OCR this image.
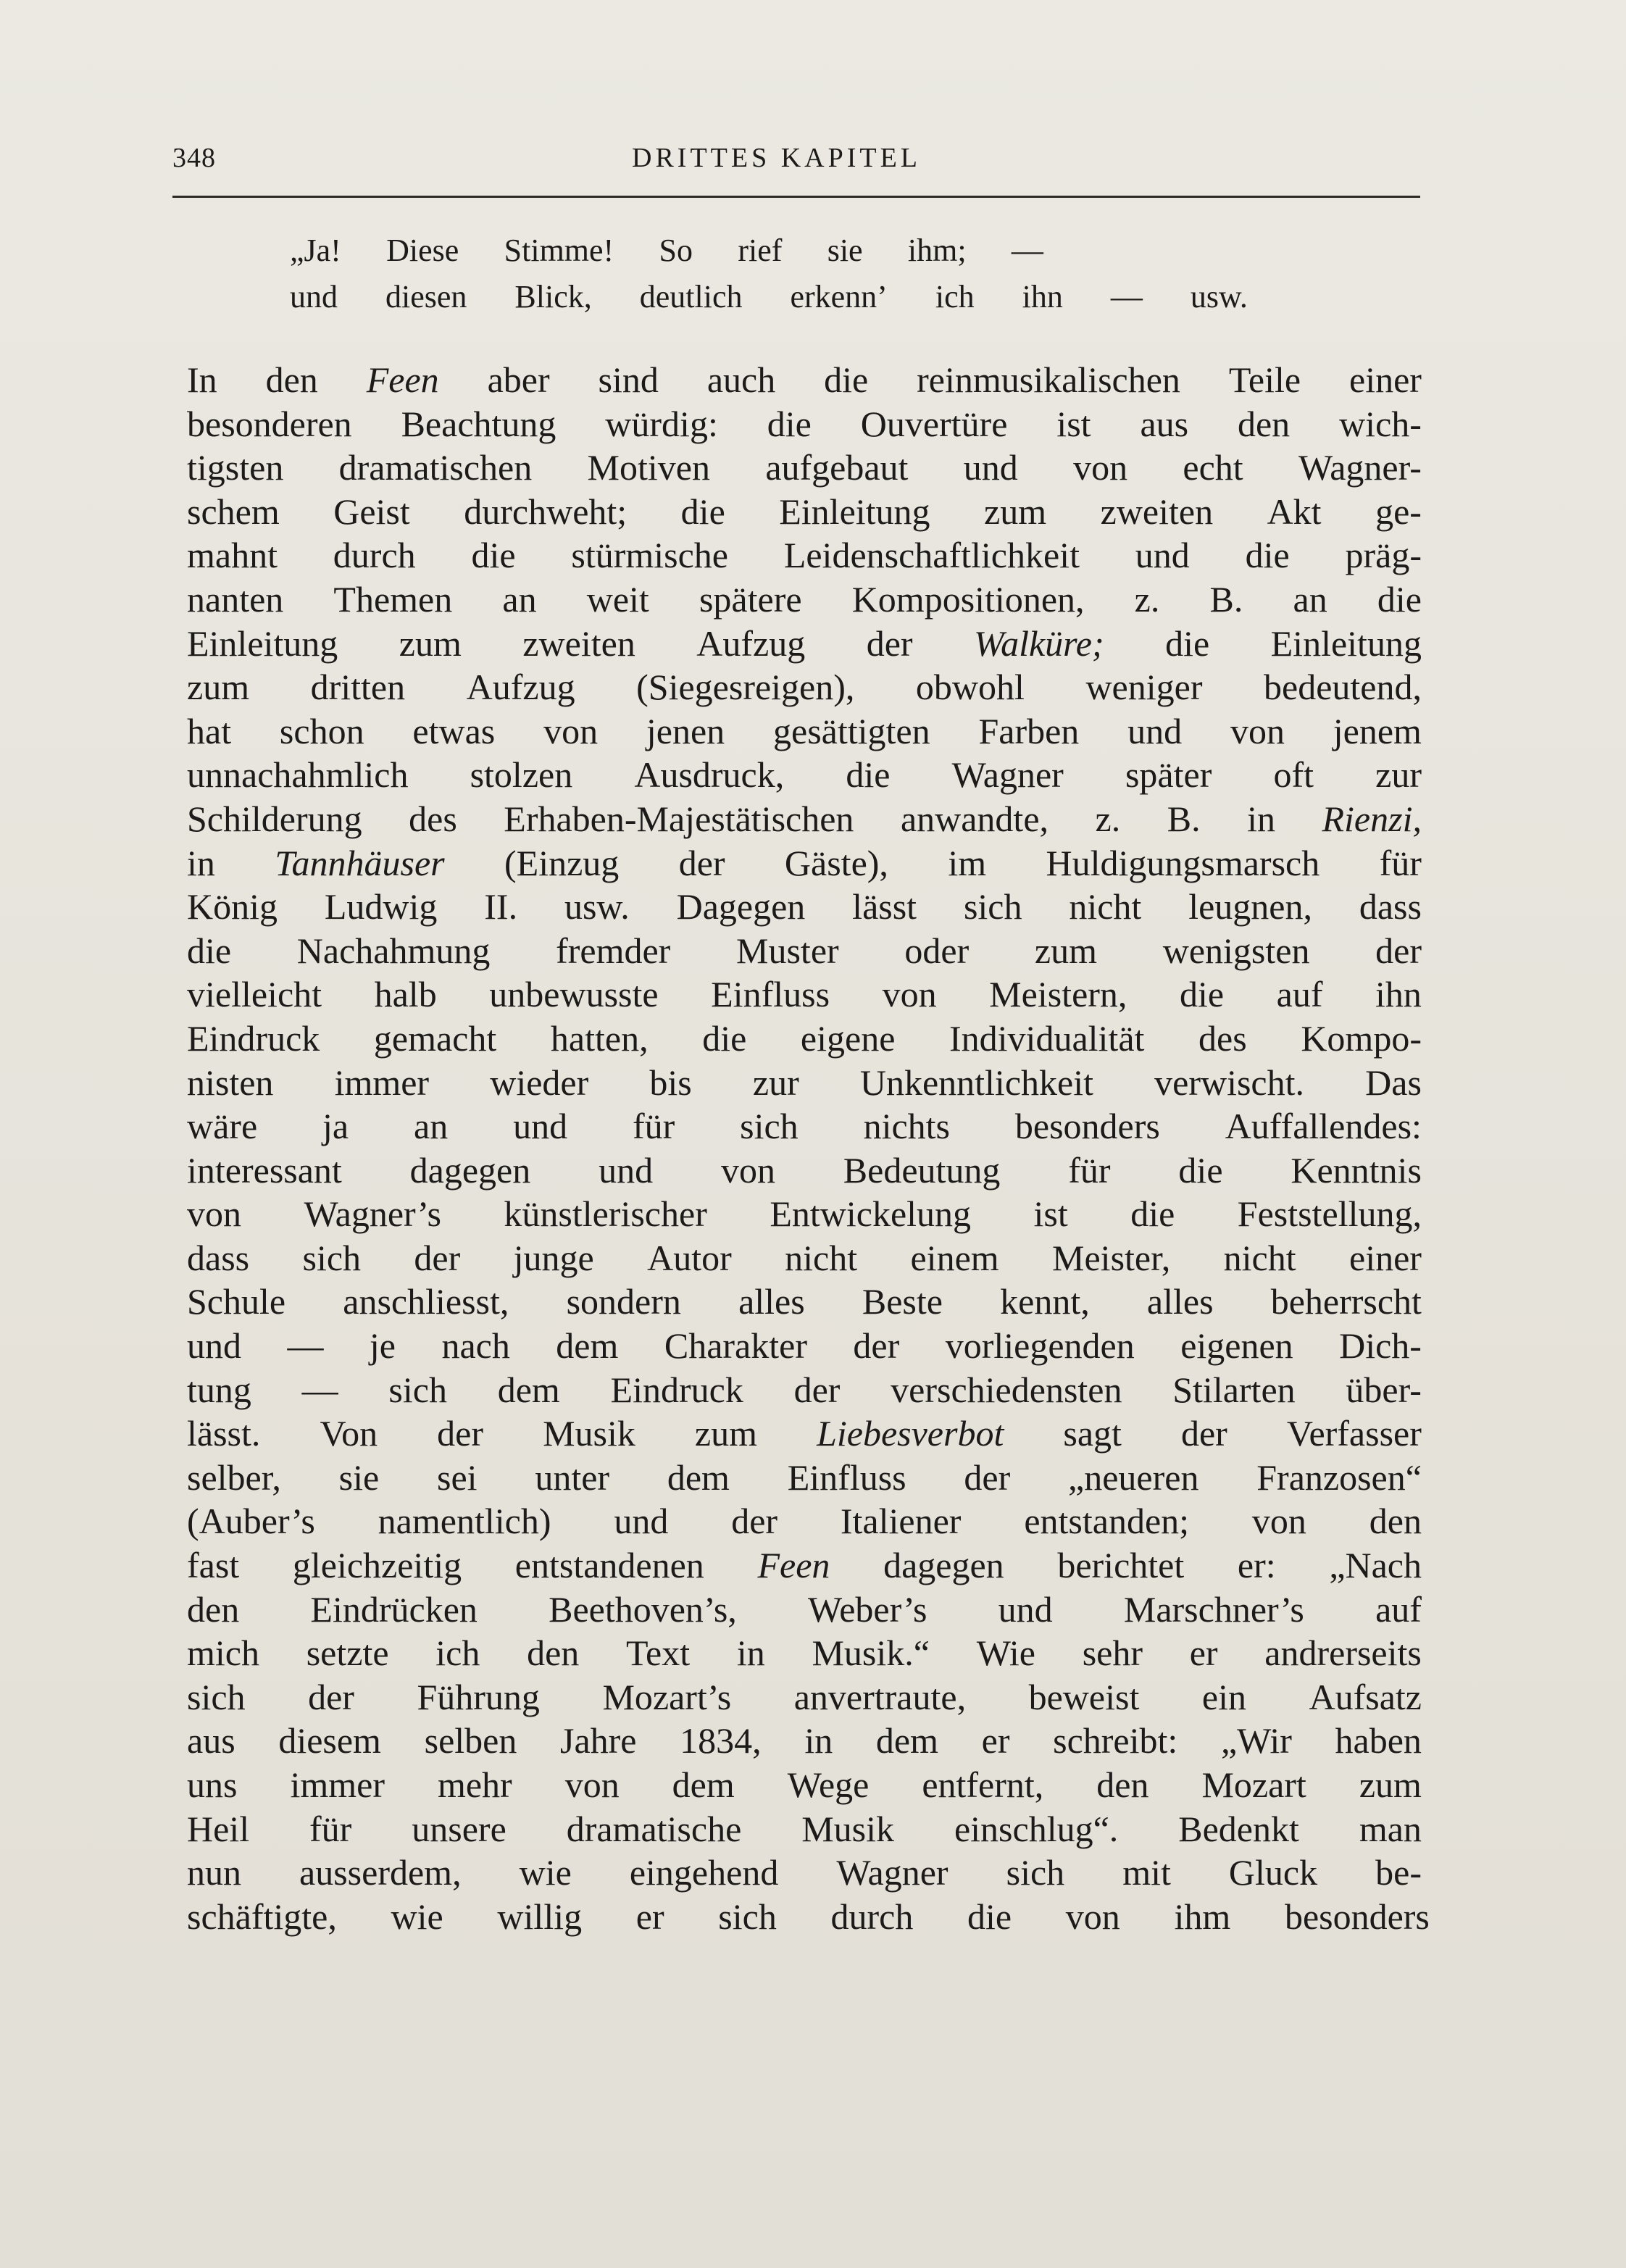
348	DRITTES KAPITEL
„Ja! Diese Stimme! So rief sie ihm; —
und diesen Blick, deutlich erkenn’ ich ihn — usw.
In den Feen aber sind auch die reinmusikalischen Teile einer
besonderen Beachtung würdig: die Ouvertüre ist aus den wich-
tigsten dramatischen Motiven aufgebaut und von echt Wagner-
schem Geist durchweht; die Einleitung zum zweiten Akt ge-
mahnt durch die stürmische Leidenschaftlichkeit und die präg-
nanten Themen an weit spätere Kompositionen, z. B. an die
Einleitung zum zweiten Aufzug der Walküre; die Einleitung
zum dritten Aufzug (Siegesreigen), obwohl weniger bedeutend,
hat schon etwas von jenen gesättigten Farben und von jenem
unnachahmlich stolzen Ausdruck, die Wagner später oft zur
Schilderung des Erhaben-Majestätischen anwandte, z. B. in Rienzi,
in Tannhäuser (Einzug der Gäste), im Huldigungsmarsch für
König Ludwig II. usw. Dagegen lässt sich nicht leugnen, dass
die Nachahmung fremder Muster oder zum wenigsten der
vielleicht halb unbewusste Einfluss von Meistern, die auf ihn
Eindruck gemacht hatten, die eigene Individualität des Kompo-
nisten immer wieder bis zur Unkenntlichkeit verwischt. Das
wäre ja an und für sich nichts besonders Auffallendes:
interessant dagegen und von Bedeutung für die Kenntnis
von Wagner’s künstlerischer Entwickelung ist die Feststellung,
dass sich der junge Autor nicht einem Meister, nicht einer
Schule anschliesst, sondern alles Beste kennt, alles beherrscht
und — je nach dem Charakter der vorliegenden eigenen Dich-
tung — sich dem Eindruck der verschiedensten Stilarten über-
lässt. Von der Musik zum Liebesverbot sagt der Verfasser
selber, sie sei unter dem Einfluss der „neueren Franzosen“
(Auber’s namentlich) und der Italiener entstanden; von den
fast gleichzeitig entstandenen Feen dagegen berichtet er: „Nach
den Eindrücken Beethoven’s, Weber’s und Marschner’s auf
mich setzte ich den Text in Musik.“ Wie sehr er andrerseits
sich der Führung Mozart’s anvertraute, beweist ein Aufsatz
aus diesem selben Jahre 1834, in dem er schreibt: „Wir haben
uns immer mehr von dem Wege entfernt, den Mozart zum
Heil für unsere dramatische Musik einschlug“. Bedenkt man
nun ausserdem, wie eingehend Wagner sich mit Gluck be-
schäftigte, wie willig er sich durch die von ihm besonders
